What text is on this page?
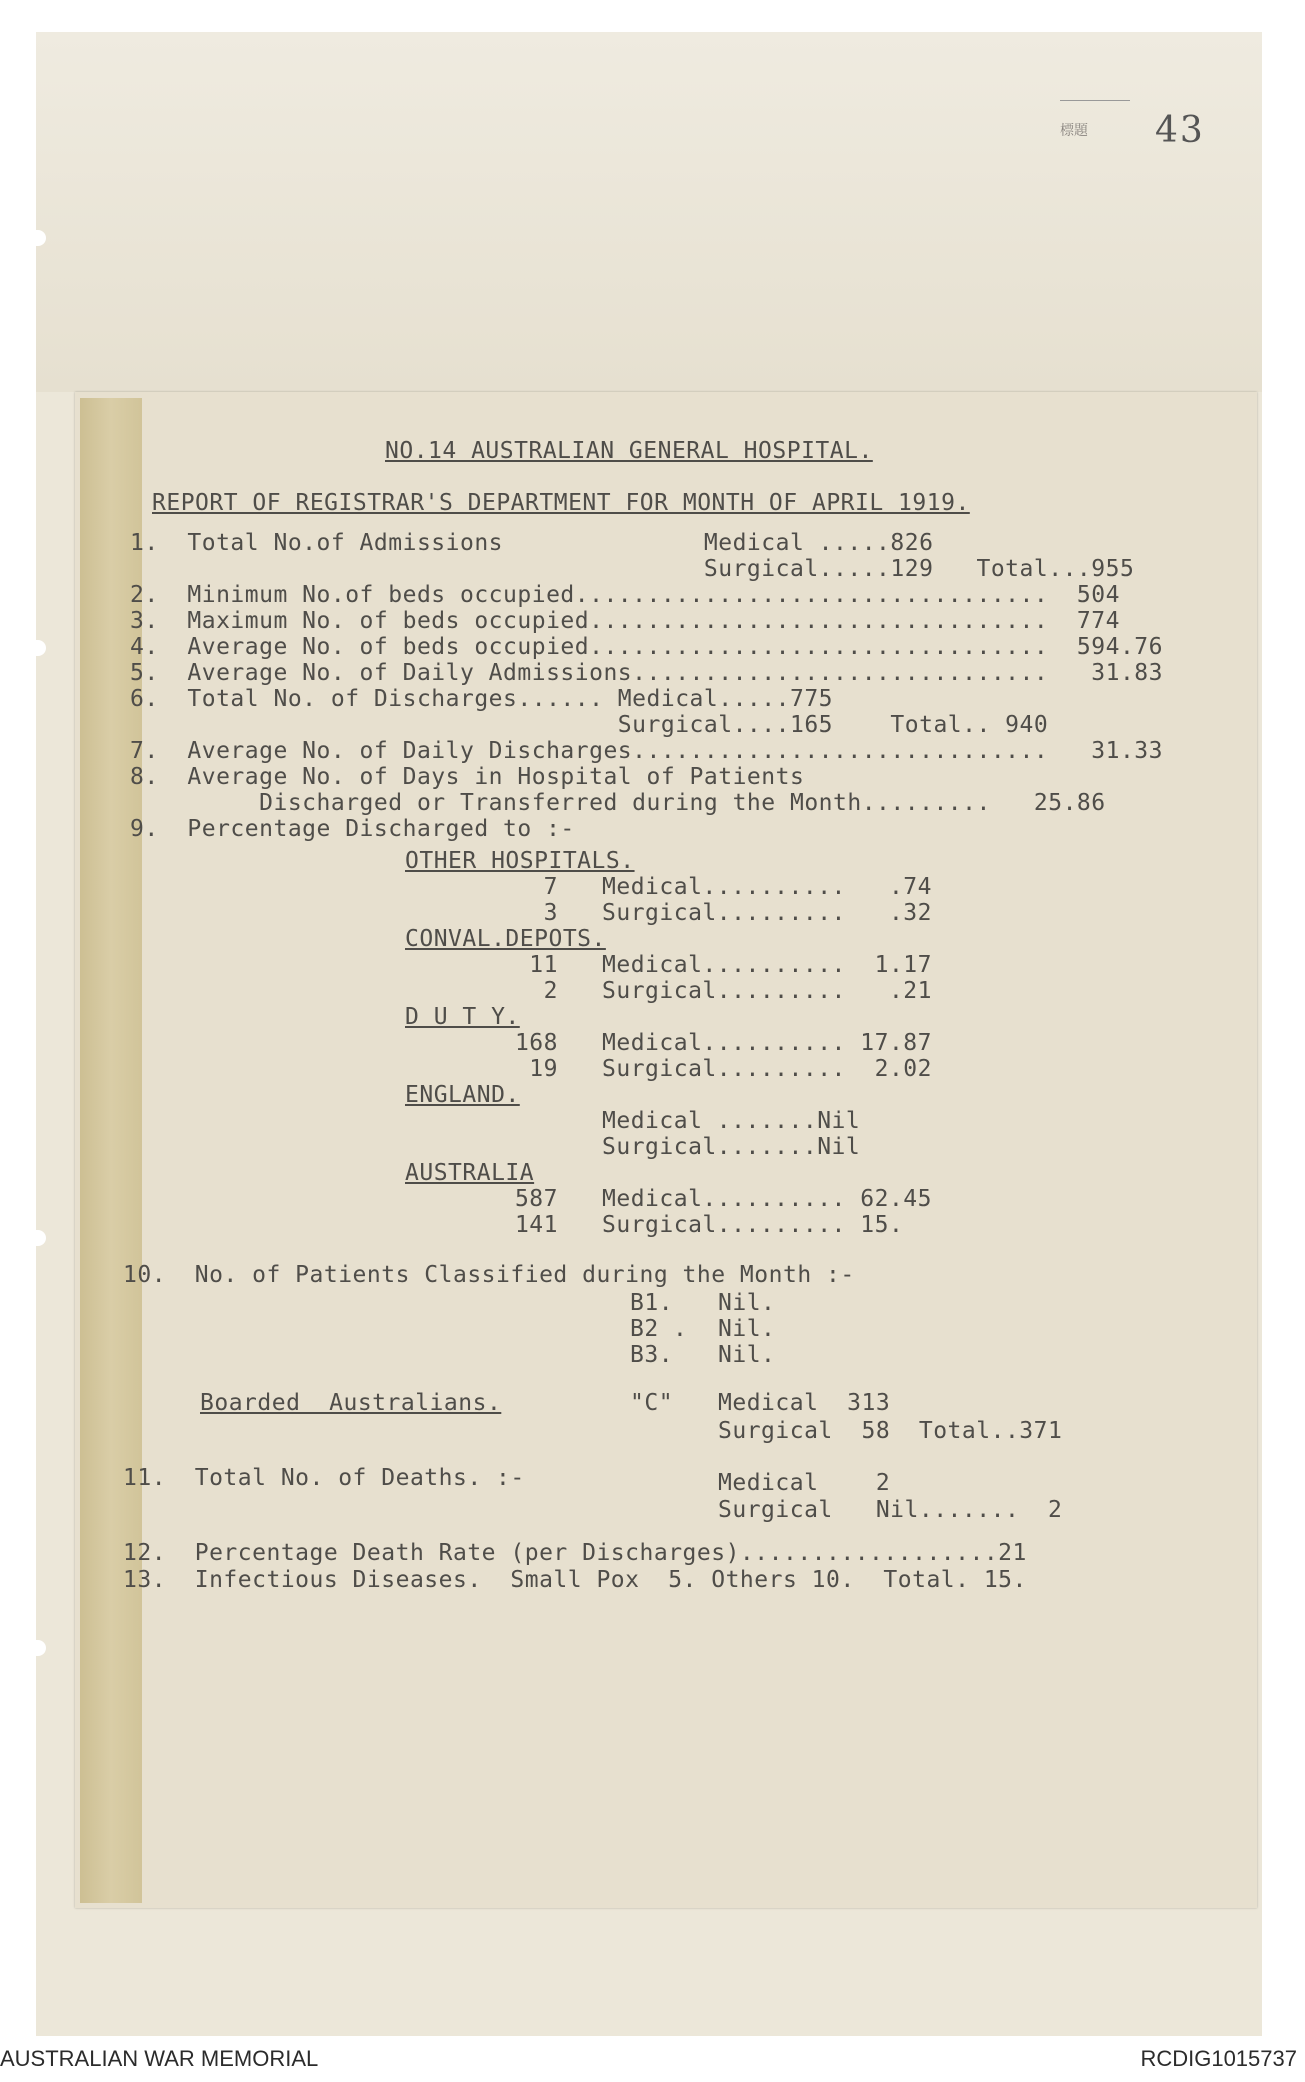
標題 43
NO.14 AUSTRALIAN GENERAL HOSPITAL.
REPORT OF REGISTRAR'S DEPARTMENT FOR MONTH OF APRIL 1919.
1.  Total No.of Admissions              Medical .....826
Surgical.....129   Total...955
2.  Minimum No.of beds occupied.................................  504
3.  Maximum No. of beds occupied................................  774
4.  Average No. of beds occupied................................  594.76
5.  Average No. of Daily Admissions.............................   31.83
6.  Total No. of Discharges...... Medical.....775
Surgical....165    Total.. 940
7.  Average No. of Daily Discharges.............................   31.33
8.  Average No. of Days in Hospital of Patients
Discharged or Transferred during the Month.........   25.86
9.  Percentage Discharged to :-
OTHER HOSPITALS.
7 Medical..........   .74
3 Surgical.........   .32
CONVAL.DEPOTS.
11 Medical..........  1.17
2 Surgical.........   .21
D U T Y.
168 Medical.......... 17.87
19 Surgical.........  2.02
ENGLAND.
Medical .......Nil
Surgical.......Nil
AUSTRALIA
587 Medical.......... 62.45
141 Surgical......... 15.
10.  No. of Patients Classified during the Month :-
B1. Nil.
B2 . Nil.
B3. Nil.
Boarded  Australians.	"C" Medical  313
Surgical  58  Total..371
11.  Total No. of Deaths. :-	Medical    2
Surgical   Nil.......  2
12.  Percentage Death Rate (per Discharges)..................21
13.  Infectious Diseases.  Small Pox  5. Others 10.  Total. 15.
AUSTRALIAN WAR MEMORIAL	RCDIG1015737
